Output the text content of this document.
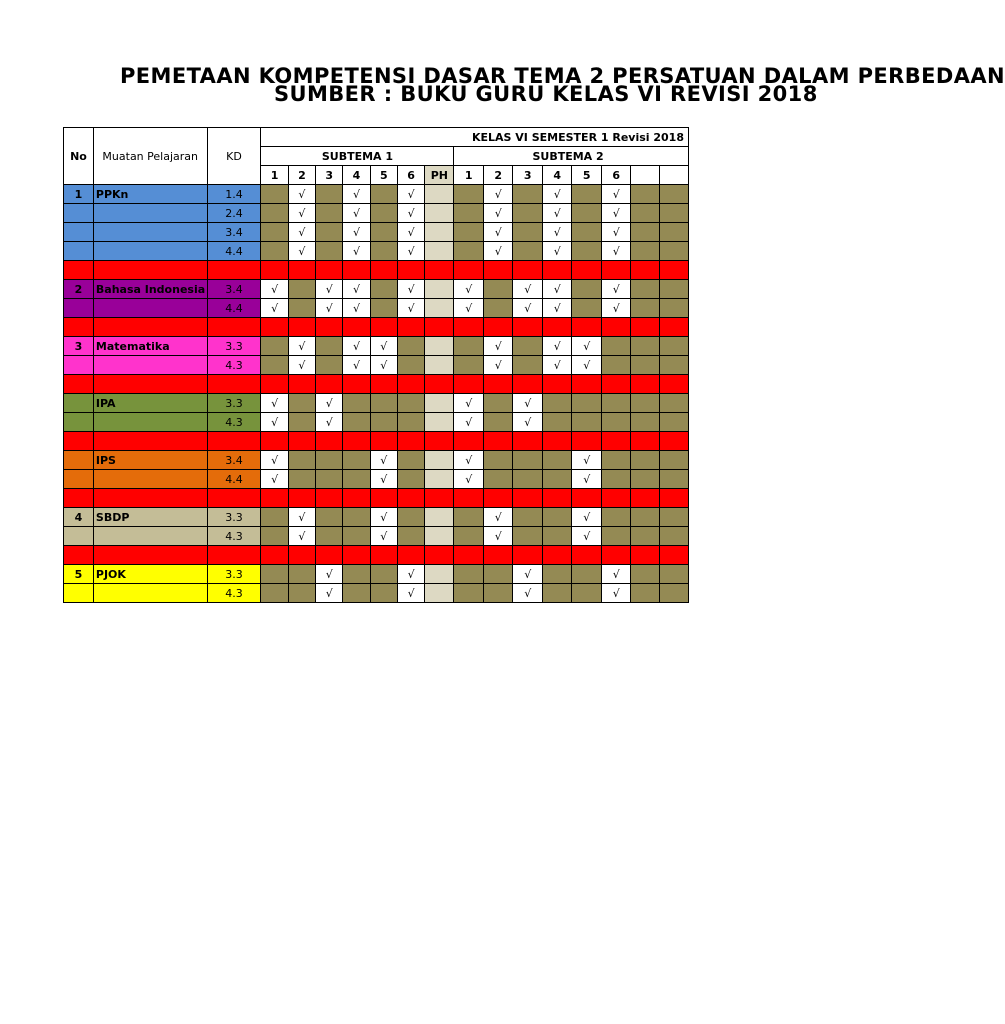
PEMETAAN KOMPETENSI DASAR TEMA 2 PERSATUAN DALAM PERBEDAAN
SUMBER : BUKU GURU KELAS VI REVISI 2018
No	Muatan Pelajaran	KD	KELAS VI SEMESTER 1 Revisi 2018														
			SUBTEMA 1							SUBTEMA 2							
			1	2	3	4	5	6	PH	1	2	3	4	5	6		
1	PPKn	1.4		√		√		√			√		√		√		
		2.4		√		√		√			√		√		√		
		3.4		√		√		√			√		√		√		
		4.4		√		√		√			√		√		√		

2	Bahasa Indonesia	3.4	√		√	√		√		√		√	√		√		
		4.4	√		√	√		√		√		√	√		√		

3	Matematika	3.3		√		√	√				√		√	√			
		4.3		√		√	√				√		√	√			

	IPA	3.3	√		√					√		√					
		4.3	√		√					√		√					

	IPS	3.4	√				√			√				√			
		4.4	√				√			√				√			

4	SBDP	3.3		√			√				√			√			
		4.3		√			√				√			√			

5	PJOK	3.3			√			√				√			√		
		4.3			√			√				√			√		
